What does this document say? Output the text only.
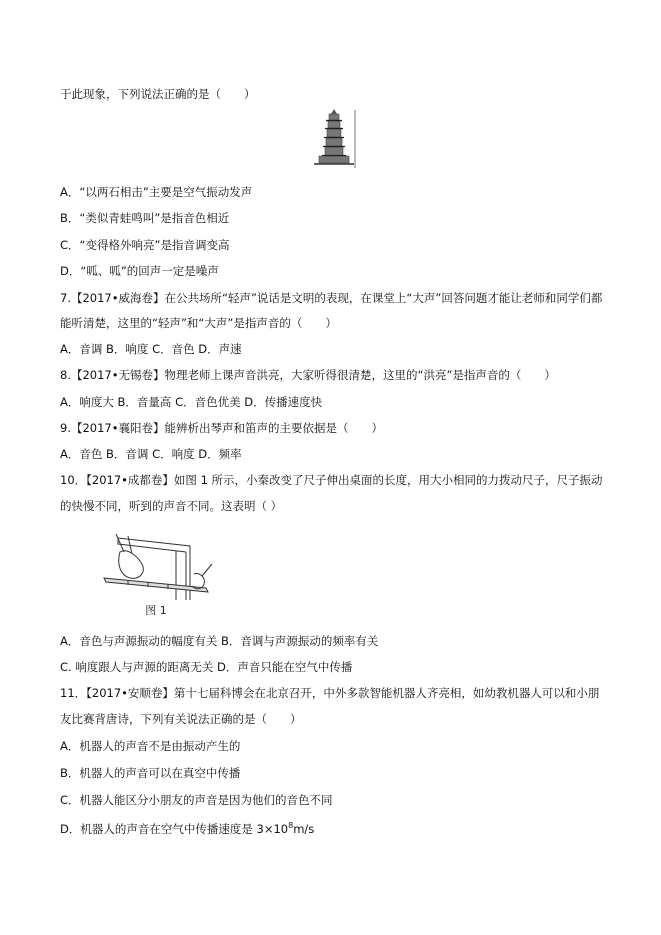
于此现象，下列说法正确的是（　　）
A．“以两石相击”主要是空气振动发声
B．“类似青蛙鸣叫”是指音色相近
C．“变得格外响亮”是指音调变高
D．“呱、呱”的回声一定是噪声
7.【2017•威海卷】在公共场所“轻声”说话是文明的表现，在课堂上“大声”回答问题才能让老师和同学们都
能听清楚，这里的“轻声”和“大声”是指声音的（　　）
A．音调 B．响度 C．音色 D．声速
8.【2017•无锡卷】物理老师上课声音洪亮，大家听得很清楚，这里的“洪亮”是指声音的（　　）
A．响度大 B．音量高 C．音色优美 D．传播速度快
9.【2017•襄阳卷】能辨析出琴声和笛声的主要依据是（　　）
A．音色 B．音调 C．响度 D．频率
10．【2017•成都卷】如图 1 所示，小秦改变了尺子伸出桌面的长度，用大小相同的力拨动尺子，尺子振动
的快慢不同，听到的声音不同。这表明（ ）
图 1
A．音色与声源振动的幅度有关 B．音调与声源振动的频率有关
C. 响度跟人与声源的距离无关 D．声音只能在空气中传播
11．【2017•安顺卷】第十七届科博会在北京召开，中外多款智能机器人齐亮相，如幼教机器人可以和小朋
友比赛背唐诗，下列有关说法正确的是（　　）
A．机器人的声音不是由振动产生的
B．机器人的声音可以在真空中传播
C．机器人能区分小朋友的声音是因为他们的音色不同
D．机器人的声音在空气中传播速度是 $3\times 10^8m/s$
